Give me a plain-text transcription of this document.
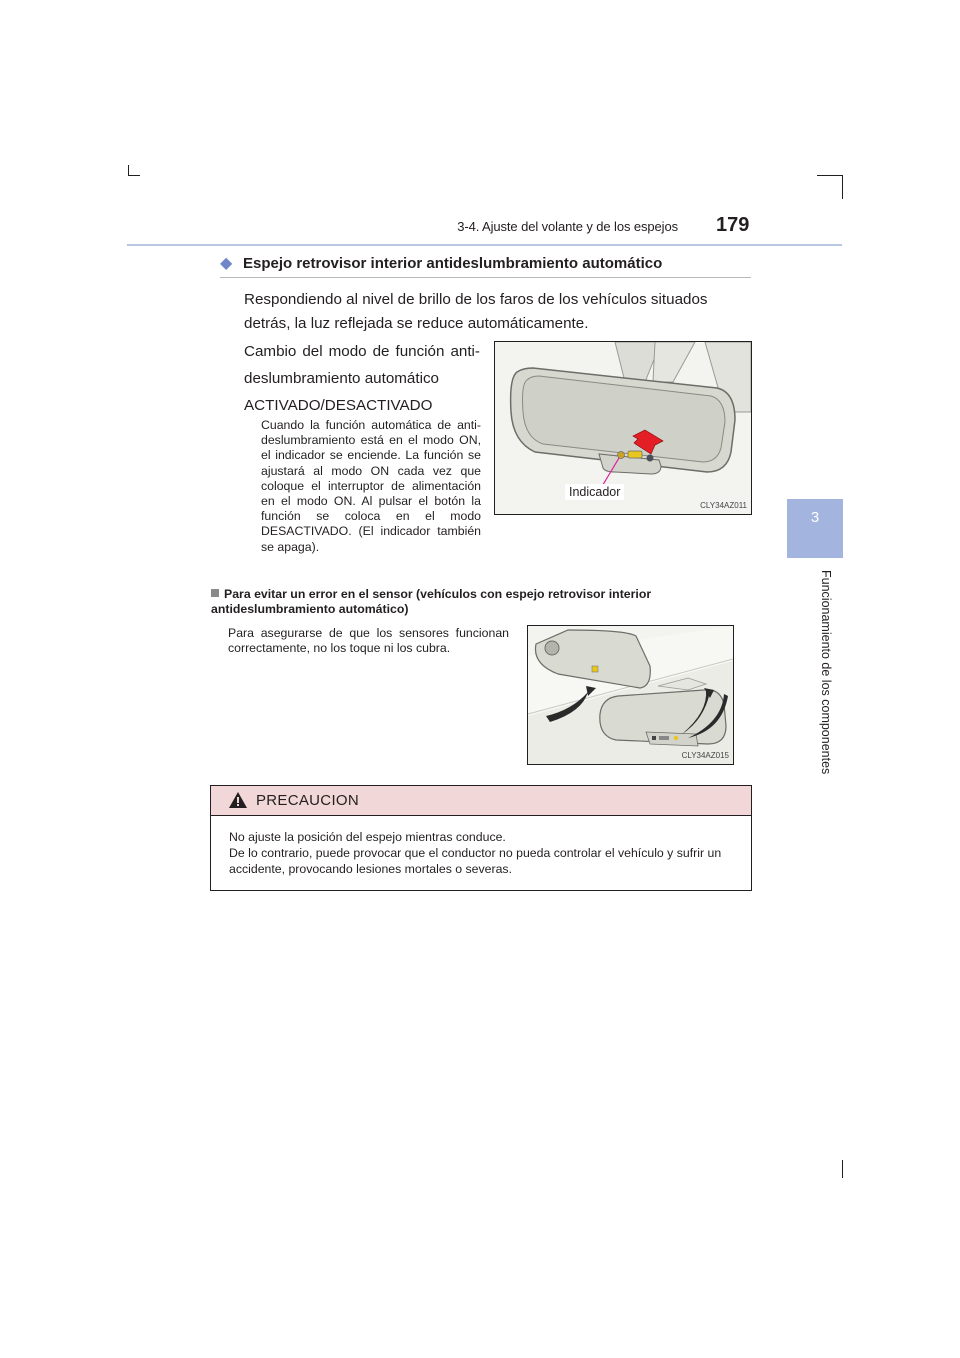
3-4. Ajuste del volante y de los espejos 179
3
Funcionamiento de los componentes
◆ Espejo retrovisor interior antideslumbramiento automático
Respondiendo al nivel de brillo de los faros de los vehículos situados detrás, la luz reflejada se reduce automáticamente.
Cambio del modo de función anti-
deslumbramiento automático
ACTIVADO/DESACTIVADO
Cuando la función automática de anti-deslumbramiento está en el modo ON, el indicador se enciende. La función se ajustará al modo ON cada vez que coloque el interruptor de alimentación en el modo ON. Al pulsar el botón la función se coloca en el modo DESACTIVADO. (El indicador también se apaga).
Indicador
CLY34AZ011
Para evitar un error en el sensor (vehículos con espejo retrovisor interior antideslumbramiento automático)
Para asegurarse de que los sensores funcionan correctamente, no los toque ni los cubra.
CLY34AZ015
PRECAUCION
No ajuste la posición del espejo mientras conduce.
De lo contrario, puede provocar que el conductor no pueda controlar el vehículo y sufrir un accidente, provocando lesiones mortales o severas.
